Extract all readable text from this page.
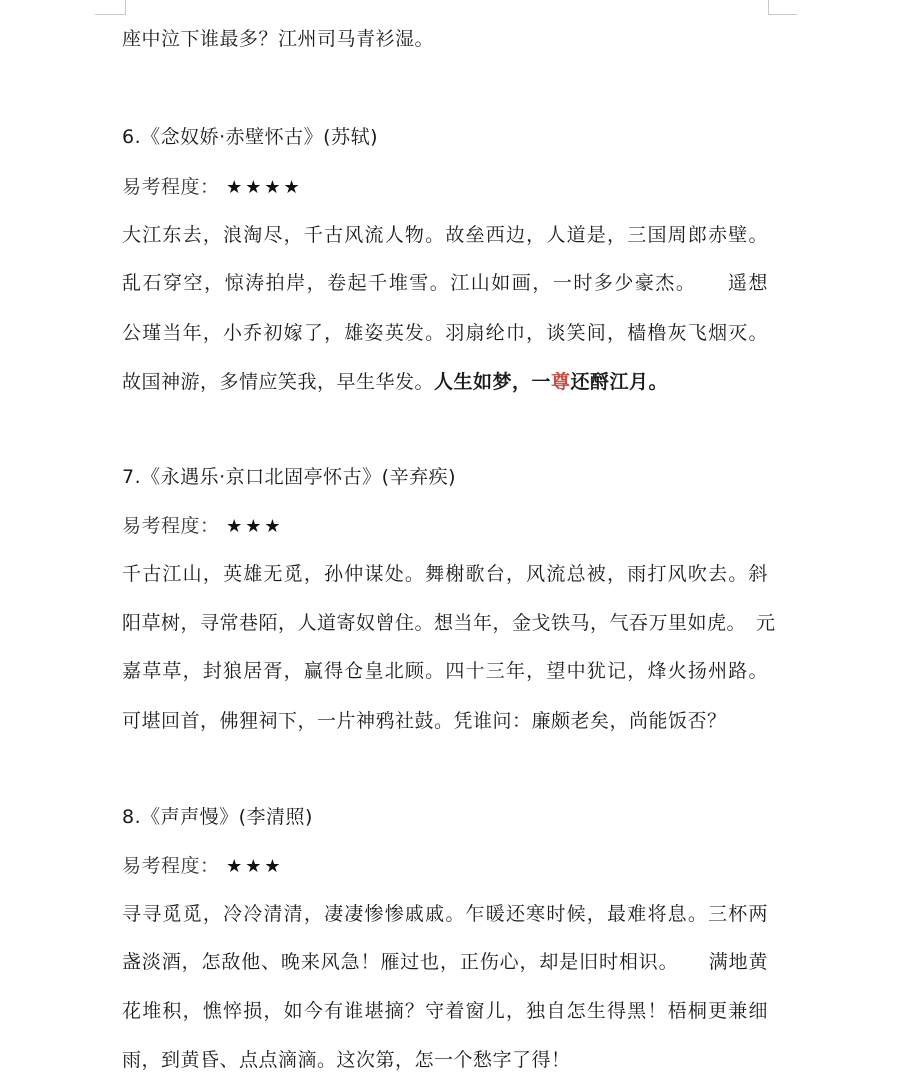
座中泣下谁最多？江州司马青衫湿。
6.《念奴娇·赤壁怀古》(苏轼)
易考程度： ★★★★
大江东去，浪淘尽，千古风流人物。故垒西边，人道是，三国周郎赤壁。
乱石穿空，惊涛拍岸，卷起千堆雪。江山如画，一时多少豪杰。　　遥想
公瑾当年，小乔初嫁了，雄姿英发。羽扇纶巾，谈笑间，樯橹灰飞烟灭。
故国神游，多情应笑我，早生华发。人生如梦，一尊还酹江月。
7.《永遇乐·京口北固亭怀古》(辛弃疾)
易考程度： ★★★
千古江山，英雄无觅，孙仲谋处。舞榭歌台，风流总被，雨打风吹去。斜
阳草树，寻常巷陌，人道寄奴曾住。想当年，金戈铁马，气吞万里如虎。　元
嘉草草，封狼居胥，赢得仓皇北顾。四十三年，望中犹记，烽火扬州路。
可堪回首，佛狸祠下，一片神鸦社鼓。凭谁问：廉颇老矣，尚能饭否？
8.《声声慢》(李清照)
易考程度： ★★★
寻寻觅觅，冷冷清清，凄凄惨惨戚戚。乍暖还寒时候，最难将息。三杯两
盏淡酒，怎敌他、晚来风急！雁过也，正伤心，却是旧时相识。　　满地黄
花堆积，憔悴损，如今有谁堪摘？守着窗儿，独自怎生得黑！梧桐更兼细
雨，到黄昏、点点滴滴。这次第，怎一个愁字了得！
